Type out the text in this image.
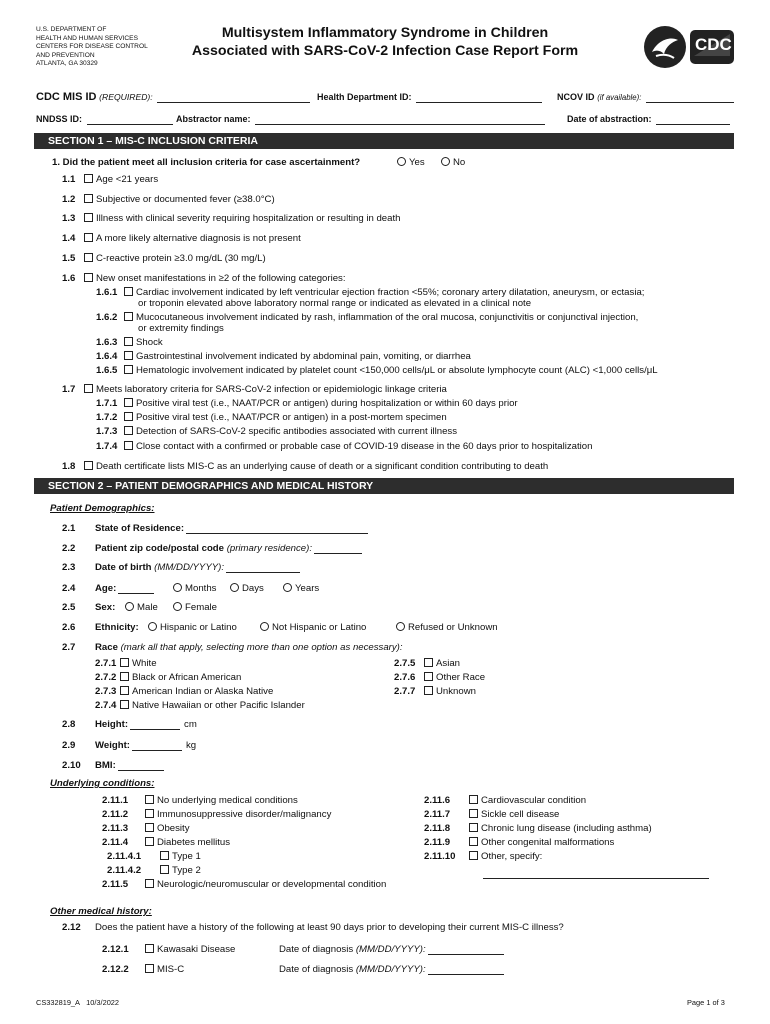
U.S. DEPARTMENT OF
HEALTH AND HUMAN SERVICES
CENTERS FOR DISEASE CONTROL
AND PREVENTION
ATLANTA, GA 30329
Multisystem Inflammatory Syndrome in Children
Associated with SARS-CoV-2 Infection Case Report Form	CDC
CDC MIS ID (REQUIRED):	Health Department ID:	NCOV ID (if available):
NNDSS ID:	Abstractor name:	Date of abstraction:
SECTION 1 – MIS-C INCLUSION CRITERIA
1. Did the patient meet all inclusion criteria for case ascertainment?	Yes	No
1.1 Age <21 years
1.2 Subjective or documented fever (≥38.0°C)
1.3 Illness with clinical severity requiring hospitalization or resulting in death
1.4 A more likely alternative diagnosis is not present
1.5 C-reactive protein ≥3.0 mg/dL (30 mg/L)
1.6 New onset manifestations in ≥2 of the following categories:
1.6.1 Cardiac involvement indicated by left ventricular ejection fraction <55%; coronary artery dilatation, aneurysm, or ectasia;
or troponin elevated above laboratory normal range or indicated as elevated in a clinical note
1.6.2 Mucocutaneous involvement indicated by rash, inflammation of the oral mucosa, conjunctivitis or conjunctival injection,
or extremity findings
1.6.3 Shock
1.6.4 Gastrointestinal involvement indicated by abdominal pain, vomiting, or diarrhea
1.6.5 Hematologic involvement indicated by platelet count <150,000 cells/μL or absolute lymphocyte count (ALC) <1,000 cells/μL
1.7 Meets laboratory criteria for SARS-CoV-2 infection or epidemiologic linkage criteria
1.7.1 Positive viral test (i.e., NAAT/PCR or antigen) during hospitalization or within 60 days prior
1.7.2 Positive viral test (i.e., NAAT/PCR or antigen) in a post-mortem specimen
1.7.3 Detection of SARS-CoV-2 specific antibodies associated with current illness
1.7.4 Close contact with a confirmed or probable case of COVID-19 disease in the 60 days prior to hospitalization
1.8 Death certificate lists MIS-C as an underlying cause of death or a significant condition contributing to death
SECTION 2 – PATIENT DEMOGRAPHICS AND MEDICAL HISTORY
Patient Demographics:
2.1 State of Residence:
2.2 Patient zip code/postal code (primary residence):
2.3 Date of birth (MM/DD/YYYY):
2.4 Age:	Months	Days	Years
2.5 Sex:	Male	Female
2.6 Ethnicity:	Hispanic or Latino	Not Hispanic or Latino	Refused or Unknown
2.7 Race (mark all that apply, selecting more than one option as necessary):
2.7.1 White
2.7.2 Black or African American
2.7.3 American Indian or Alaska Native
2.7.4 Native Hawaiian or other Pacific Islander
2.7.5 Asian
2.7.6 Other Race
2.7.7 Unknown
2.8 Height:	cm
2.9 Weight:	kg
2.10 BMI:
Underlying conditions:
2.11.1	No underlying medical conditions
2.11.2	Immunosuppressive disorder/malignancy
2.11.3	Obesity
2.11.4	Diabetes mellitus
2.11.4.1	Type 1
2.11.4.2	Type 2
2.11.5	Neurologic/neuromuscular or developmental condition
2.11.6	Cardiovascular condition
2.11.7	Sickle cell disease
2.11.8	Chronic lung disease (including asthma)
2.11.9	Other congenital malformations
2.11.10	Other, specify:
Other medical history:
2.12 Does the patient have a history of the following at least 90 days prior to developing their current MIS-C illness?
2.12.1	Kawasaki Disease	Date of diagnosis (MM/DD/YYYY):
2.12.2	MIS-C	Date of diagnosis (MM/DD/YYYY):
CS332819_A 10/3/2022	Page 1 of 3
